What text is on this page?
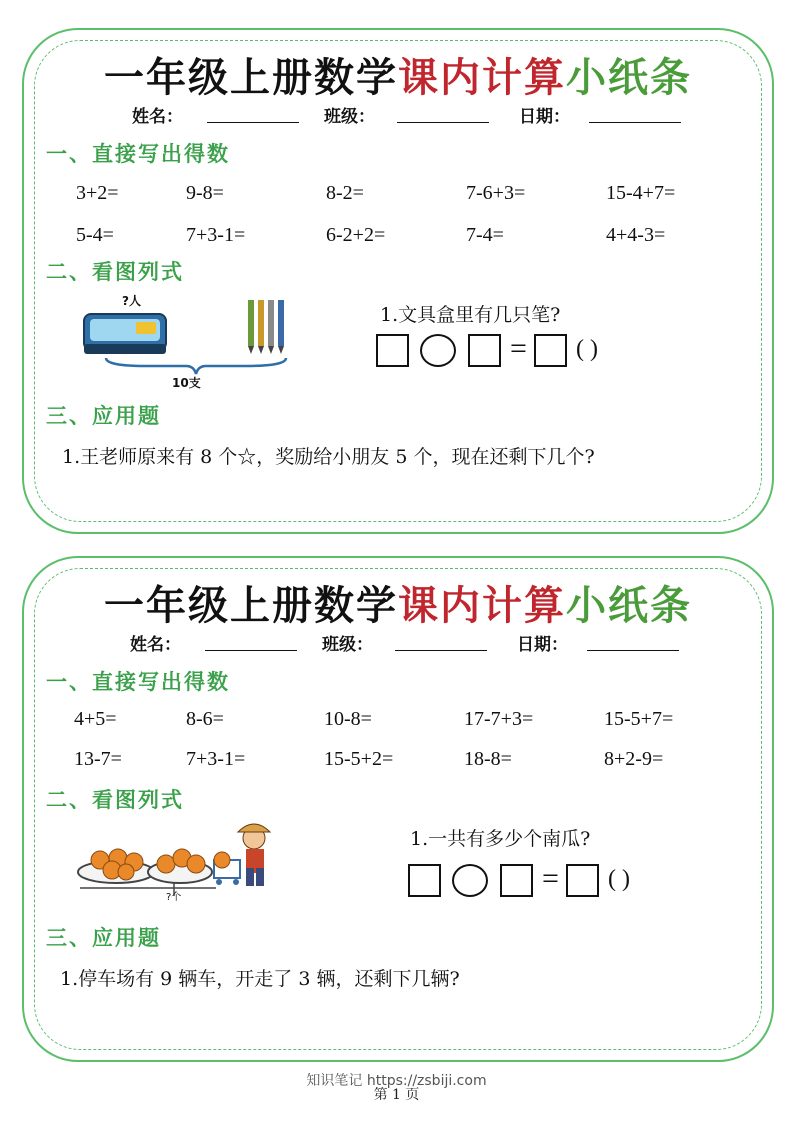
一年级上册数学课内计算小纸条
姓名：	班级：	日期：
一、直接写出得数
3+2=	9-8=	8-2=	7-6+3=	15-4+7=
5-4=	7+3-1=	6-2+2=	7-4=	4+4-3=
二、看图列式
?人
10支
1.文具盒里有几只笔?
= ( )
三、应用题
1.王老师原来有 8 个☆，奖励给小朋友 5 个，现在还剩下几个?
一年级上册数学课内计算小纸条
姓名：	班级：	日期：
一、直接写出得数
4+5=	8-6=	10-8=	17-7+3=	15-5+7=
13-7=	7+3-1=	15-5+2=	18-8=	8+2-9=
二、看图列式
?个
1.一共有多少个南瓜?
= ( )
三、应用题
1.停车场有 9 辆车，开走了 3 辆，还剩下几辆?
知识笔记 https://zsbiji.com
第 1 页
